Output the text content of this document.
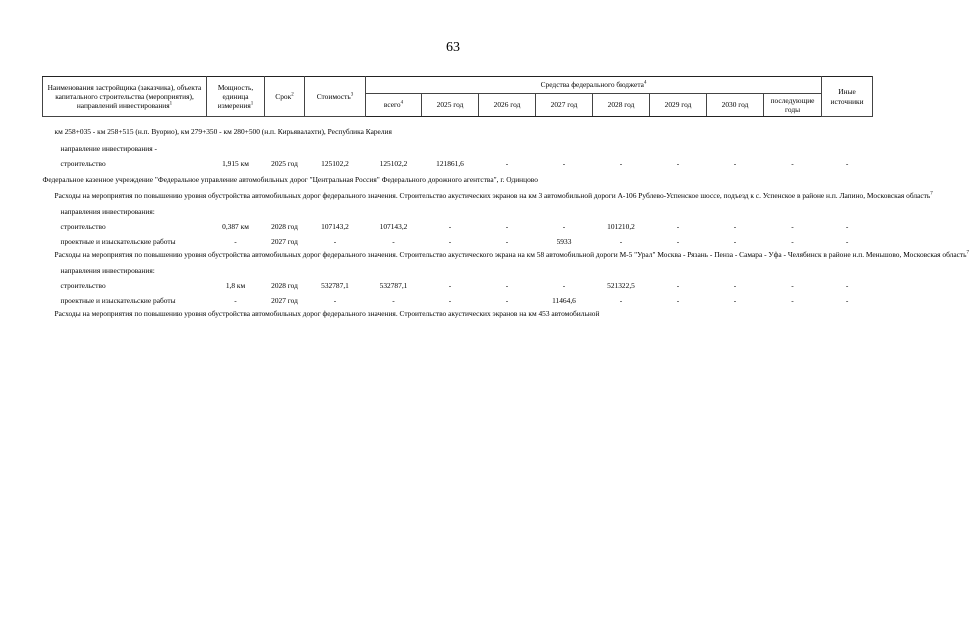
63
Наименования застройщика (заказчика), объекта капитального строительства (мероприятия), направлений инвестирования$^1$	Мощность, единица измерения$^1$	Срок$^2$	Стоимость$^3$	Средства федерального бюджета$^4$								Иные источники
				всего$^4$	2025 год	2026 год	2027 год	2028 год	2029 год	2030 год	последующие годы	

км 258+035 - км 258+515 (н.п. Вуорио), км 279+350 - км 280+500 (н.п. Кирьявалахти), Республика Карелия												

направление инвестирования -												

строительство	1,915 км	2025 год	125102,2	125102,2	121861,6	-	-	-	-	-	-	-

Федеральное казенное учреждение "Федеральное управление автомобильных дорог "Центральная Россия" Федерального дорожного агентства", г. Одинцово												

Расходы на мероприятия по повышению уровня обустройства автомобильных дорог федерального значения. Строительство акустических экранов на км 3 автомобильной дороги А-106 Рублево-Успенское шоссе, подъезд к с. Успенское в районе н.п. Лапино, Московская область$^7$	

направления инвестирования:												

строительство	0,387 км	2028 год	107143,2	107143,2	-	-	-	101210,2	-	-	-	-

проектные и изыскательские работы	-	2027 год	-	-	-	-	5933	-	-	-	-	-

Расходы на мероприятия по повышению уровня обустройства автомобильных дорог федерального значения. Строительство акустического экрана на км 58 автомобильной дороги М-5 "Урал" Москва - Рязань - Пенза - Самара - Уфа - Челябинск в районе н.п. Меньшово, Московская область$^7$	

направления инвестирования:												

строительство	1,8 км	2028 год	532787,1	532787,1	-	-	-	521322,5	-	-	-	-

проектные и изыскательские работы	-	2027 год	-	-	-	-	11464,6	-	-	-	-	-

Расходы на мероприятия по повышению уровня обустройства автомобильных дорог федерального значения. Строительство акустических экранов на км 453 автомобильной												
